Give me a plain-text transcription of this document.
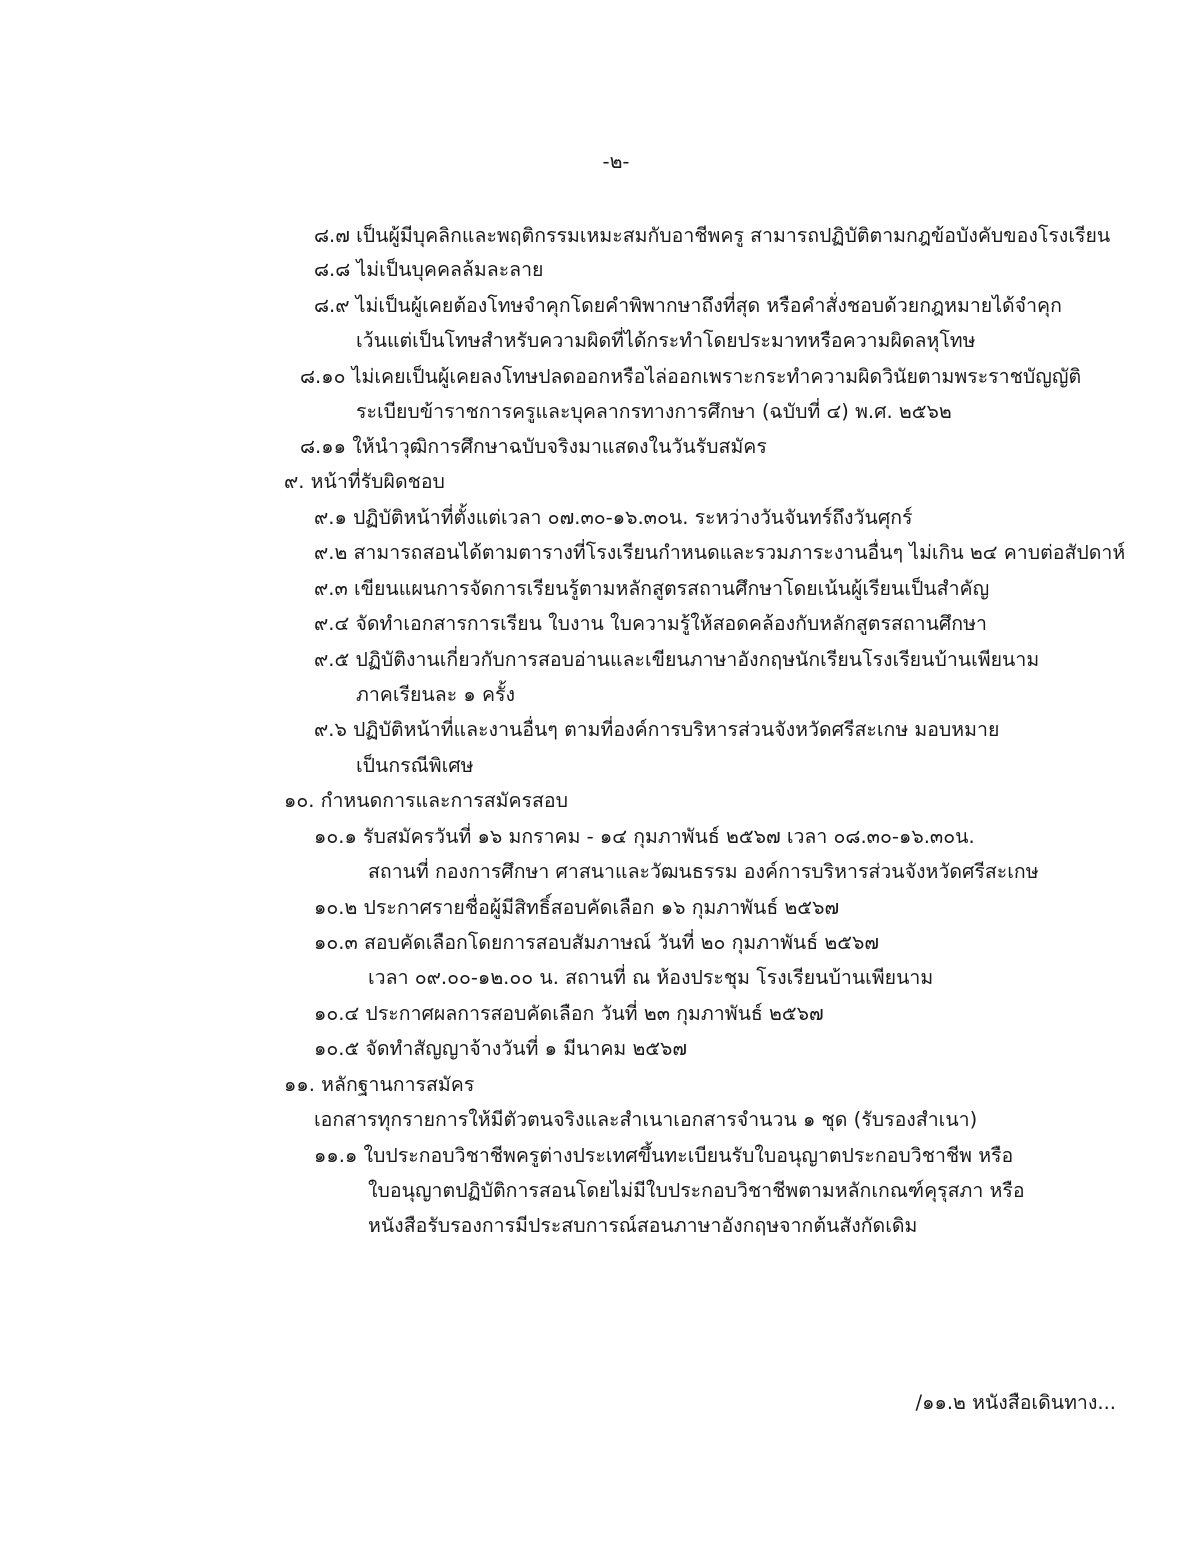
-๒-
๘.๗ เป็นผู้มีบุคลิกและพฤติกรรมเหมะสมกับอาชีพครู สามารถปฏิบัติตามกฎข้อบังคับของโรงเรียน
๘.๘ ไม่เป็นบุคคลล้มละลาย
๘.๙ ไม่เป็นผู้เคยต้องโทษจำคุกโดยคำพิพากษาถึงที่สุด หรือคำสั่งชอบด้วยกฎหมายได้จำคุก
เว้นแต่เป็นโทษสำหรับความผิดที่ได้กระทำโดยประมาทหรือความผิดลหุโทษ
๘.๑๐ ไม่เคยเป็นผู้เคยลงโทษปลดออกหรือไล่ออกเพราะกระทำความผิดวินัยตามพระราชบัญญัติ
ระเบียบข้าราชการครูและบุคลากรทางการศึกษา (ฉบับที่ ๔) พ.ศ. ๒๕๖๒
๘.๑๑ ให้นำวุฒิการศึกษาฉบับจริงมาแสดงในวันรับสมัคร
๙. หน้าที่รับผิดชอบ
๙.๑ ปฏิบัติหน้าที่ตั้งแต่เวลา ๐๗.๓๐-๑๖.๓๐น. ระหว่างวันจันทร์ถึงวันศุกร์
๙.๒ สามารถสอนได้ตามตารางที่โรงเรียนกำหนดและรวมภาระงานอื่นๆ ไม่เกิน ๒๔ คาบต่อสัปดาห์
๙.๓ เขียนแผนการจัดการเรียนรู้ตามหลักสูตรสถานศึกษาโดยเน้นผู้เรียนเป็นสำคัญ
๙.๔ จัดทำเอกสารการเรียน ใบงาน ใบความรู้ให้สอดคล้องกับหลักสูตรสถานศึกษา
๙.๕ ปฏิบัติงานเกี่ยวกับการสอบอ่านและเขียนภาษาอังกฤษนักเรียนโรงเรียนบ้านเพียนาม
ภาคเรียนละ ๑ ครั้ง
๙.๖ ปฏิบัติหน้าที่และงานอื่นๆ ตามที่องค์การบริหารส่วนจังหวัดศรีสะเกษ มอบหมาย
เป็นกรณีพิเศษ
๑๐. กำหนดการและการสมัครสอบ
๑๐.๑ รับสมัครวันที่ ๑๖ มกราคม - ๑๔ กุมภาพันธ์ ๒๕๖๗ เวลา ๐๘.๓๐-๑๖.๓๐น.
สถานที่ กองการศึกษา ศาสนาและวัฒนธรรม องค์การบริหารส่วนจังหวัดศรีสะเกษ
๑๐.๒ ประกาศรายชื่อผู้มีสิทธิ์สอบคัดเลือก ๑๖ กุมภาพันธ์ ๒๕๖๗
๑๐.๓ สอบคัดเลือกโดยการสอบสัมภาษณ์ วันที่ ๒๐ กุมภาพันธ์ ๒๕๖๗
เวลา ๐๙.๐๐-๑๒.๐๐ น. สถานที่ ณ ห้องประชุม โรงเรียนบ้านเพียนาม
๑๐.๔ ประกาศผลการสอบคัดเลือก วันที่ ๒๓ กุมภาพันธ์ ๒๕๖๗
๑๐.๕ จัดทำสัญญาจ้างวันที่ ๑ มีนาคม ๒๕๖๗
๑๑. หลักฐานการสมัคร
เอกสารทุกรายการให้มีตัวตนจริงและสำเนาเอกสารจำนวน ๑ ชุด (รับรองสำเนา)
๑๑.๑ ใบประกอบวิชาชีพครูต่างประเทศขึ้นทะเบียนรับใบอนุญาตประกอบวิชาชีพ หรือ
ใบอนุญาตปฏิบัติการสอนโดยไม่มีใบประกอบวิชาชีพตามหลักเกณฑ์คุรุสภา หรือ
หนังสือรับรองการมีประสบการณ์สอนภาษาอังกฤษจากต้นสังกัดเดิม
/๑๑.๒ หนังสือเดินทาง...
